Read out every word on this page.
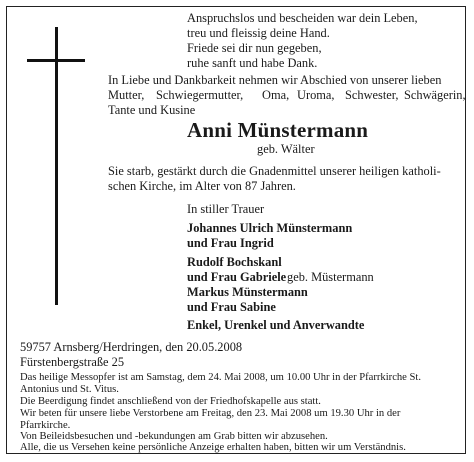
Anspruchslos und bescheiden war dein Leben,
treu und fleissig deine Hand.
Friede sei dir nun gegeben,
ruhe sanft und habe Dank.
In Liebe und Dankbarkeit nehmen wir Abschied von unserer lieben
Mutter, Schwiegermutter, Oma, Uroma, Schwester, Schwägerin,
Tante und Kusine
Anni Münstermann
geb. Wälter
Sie starb, gestärkt durch die Gnadenmittel unserer heiligen katholi-
schen Kirche, im Alter von 87 Jahren.
In stiller Trauer
Johannes Ulrich Münstermann
und Frau Ingrid
Rudolf Bochskanl
und Frau Gabriele geb. Müstermann
Markus Münstermann
und Frau Sabine
Enkel, Urenkel und Anverwandte
59757 Arnsberg/Herdringen, den 20.05.2008
Fürstenbergstraße 25
Das heilige Messopfer ist am Samstag, dem 24. Mai 2008, um 10.00 Uhr in der Pfarrkirche St.
Antonius und St. Vitus.
Die Beerdigung findet anschließend von der Friedhofskapelle aus statt.
Wir beten für unsere liebe Verstorbene am Freitag, den 23. Mai 2008 um 19.30 Uhr in der
Pfarrkirche.
Von Beileidsbesuchen und -bekundungen am Grab bitten wir abzusehen.
Alle, die us Versehen keine persönliche Anzeige erhalten haben, bitten wir um Verständnis.
